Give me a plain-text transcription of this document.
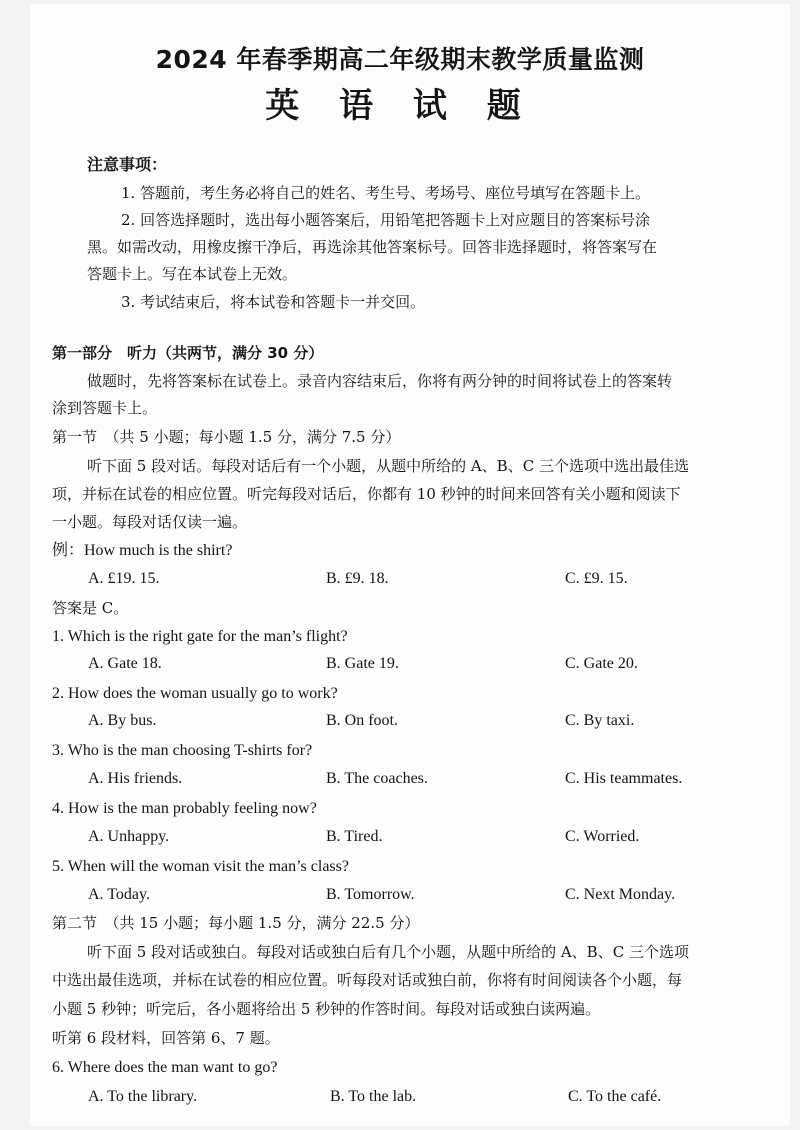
2024 年春季期高二年级期末教学质量监测
英 语 试 题
注意事项：
1. 答题前，考生务必将自己的姓名、考生号、考场号、座位号填写在答题卡上。
2. 回答选择题时，选出每小题答案后，用铅笔把答题卡上对应题目的答案标号涂
黑。如需改动，用橡皮擦干净后，再选涂其他答案标号。回答非选择题时，将答案写在
答题卡上。写在本试卷上无效。
3. 考试结束后，将本试卷和答题卡一并交回。
第一部分　听力（共两节，满分 30 分）
做题时，先将答案标在试卷上。录音内容结束后，你将有两分钟的时间将试卷上的答案转
涂到答题卡上。
第一节　（共 5 小题；每小题 1.5 分，满分 7.5 分）
听下面 5 段对话。每段对话后有一个小题，从题中所给的 A、B、C 三个选项中选出最佳选
项，并标在试卷的相应位置。听完每段对话后，你都有 10 秒钟的时间来回答有关小题和阅读下
一小题。每段对话仅读一遍。
例：How much is the shirt?
A. £19. 15.	B. £9. 18.	C. £9. 15.
答案是 C。
1. Which is the right gate for the man’s flight?
A. Gate 18.	B. Gate 19.	C. Gate 20.
2. How does the woman usually go to work?
A. By bus.	B. On foot.	C. By taxi.
3. Who is the man choosing T-shirts for?
A. His friends.	B. The coaches.	C. His teammates.
4. How is the man probably feeling now?
A. Unhappy.	B. Tired.	C. Worried.
5. When will the woman visit the man’s class?
A. Today.	B. Tomorrow.	C. Next Monday.
第二节　（共 15 小题；每小题 1.5 分，满分 22.5 分）
听下面 5 段对话或独白。每段对话或独白后有几个小题，从题中所给的 A、B、C 三个选项
中选出最佳选项，并标在试卷的相应位置。听每段对话或独白前，你将有时间阅读各个小题，每
小题 5 秒钟；听完后，各小题将给出 5 秒钟的作答时间。每段对话或独白读两遍。
听第 6 段材料，回答第 6、7 题。
6. Where does the man want to go?
A. To the library.	B. To the lab.	C. To the café.
